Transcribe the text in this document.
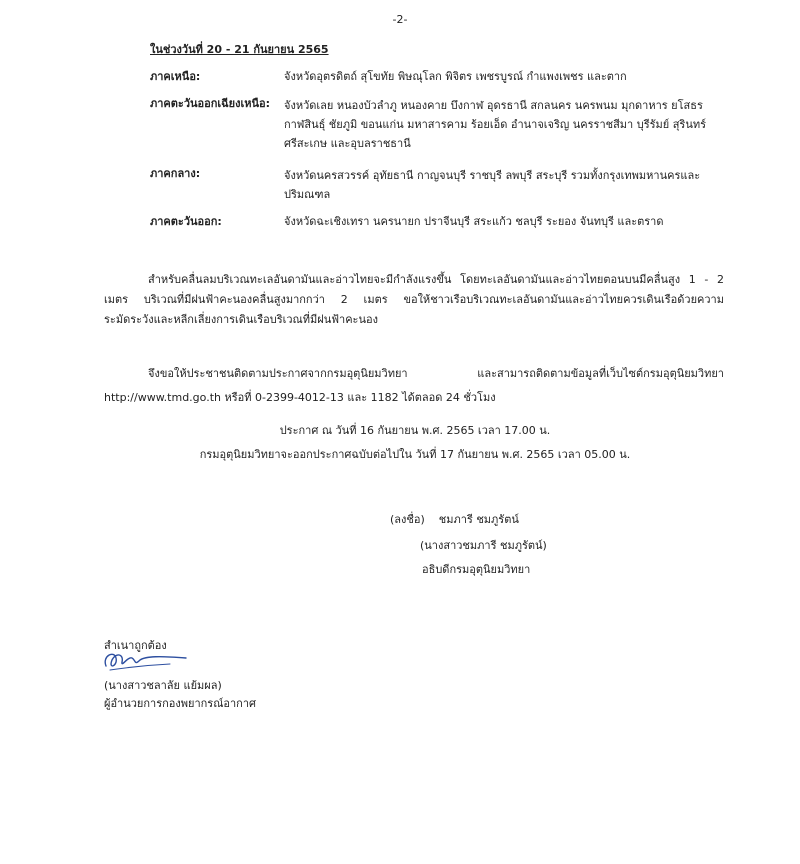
-2-
ในช่วงวันที่ 20 - 21 กันยายน 2565
ภาคเหนือ:	จังหวัดอุตรดิตถ์ สุโขทัย พิษณุโลก พิจิตร เพชรบูรณ์ กำแพงเพชร และตาก
ภาคตะวันออกเฉียงเหนือ: จังหวัดเลย หนองบัวลำภู หนองคาย บึงกาฬ อุดรธานี สกลนคร นครพนม มุกดาหาร ยโสธร กาฬสินธุ์ ชัยภูมิ ขอนแก่น มหาสารคาม ร้อยเอ็ด อำนาจเจริญ นครราชสีมา บุรีรัมย์ สุรินทร์ ศรีสะเกษ และอุบลราชธานี
ภาคกลาง:	จังหวัดนครสวรรค์ อุทัยธานี กาญจนบุรี ราชบุรี ลพบุรี สระบุรี รวมทั้งกรุงเทพมหานครและปริมณฑล
ภาคตะวันออก:	จังหวัดฉะเชิงเทรา นครนายก ปราจีนบุรี สระแก้ว ชลบุรี ระยอง จันทบุรี และตราด
สำหรับคลื่นลมบริเวณทะเลอันดามันและอ่าวไทยจะมีกำลังแรงขึ้น โดยทะเลอันดามันและอ่าวไทยตอนบนมีคลื่นสูง 1 - 2 เมตร บริเวณที่มีฝนฟ้าคะนองคลื่นสูงมากกว่า 2 เมตร ขอให้ชาวเรือบริเวณทะเลอันดามันและอ่าวไทยควรเดินเรือด้วยความระมัดระวังและหลีกเลี่ยงการเดินเรือบริเวณที่มีฝนฟ้าคะนอง
จึงขอให้ประชาชนติดตามประกาศจากกรมอุตุนิยมวิทยา และสามารถติดตามข้อมูลที่เว็บไซต์กรมอุตุนิยมวิทยา http://www.tmd.go.th หรือที่ 0-2399-4012-13 และ 1182 ได้ตลอด 24 ชั่วโมง
ประกาศ ณ วันที่ 16 กันยายน พ.ศ. 2565 เวลา 17.00 น.
กรมอุตุนิยมวิทยาจะออกประกาศฉบับต่อไปใน วันที่ 17 กันยายน พ.ศ. 2565 เวลา 05.00 น.
(ลงชื่อ) ชมภารี ชมภูรัตน์
(นางสาวชมภารี ชมภูรัตน์)
อธิบดีกรมอุตุนิยมวิทยา
สำเนาถูกต้อง
(นางสาวชลาลัย แย้มผล)
ผู้อำนวยการกองพยากรณ์อากาศ
